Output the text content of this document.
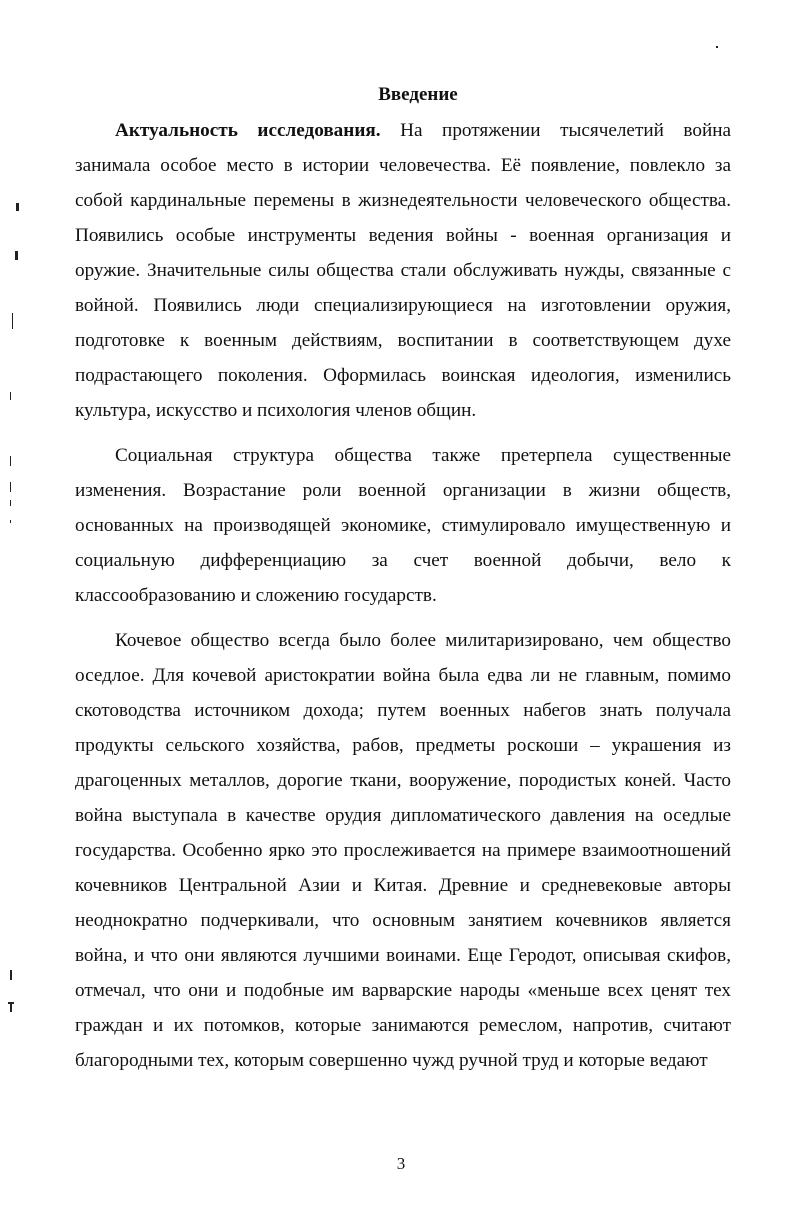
Введение

Актуальность исследования. На протяжении тысячелетий война занимала особое место в истории человечества. Её появление, повлекло за собой кардинальные перемены в жизнедеятельности человеческого общества. Появились особые инструменты ведения войны - военная организация и оружие. Значительные силы общества стали обслуживать нужды, связанные с войной. Появились люди специализирующиеся на изготовлении оружия, подготовке к военным действиям, воспитании в соответствующем духе подрастающего поколения. Оформилась воинская идеология, изменились культура, искусство и психология членов общин.

Социальная структура общества также претерпела существенные изменения. Возрастание роли военной организации в жизни обществ, основанных на производящей экономике, стимулировало имущественную и социальную дифференциацию за счет военной добычи, вело к классообразованию и сложению государств.

Кочевое общество всегда было более милитаризировано, чем общество оседлое. Для кочевой аристократии война была едва ли не главным, помимо скотоводства источником дохода; путем военных набегов знать получала продукты сельского хозяйства, рабов, предметы роскоши – украшения из драгоценных металлов, дорогие ткани, вооружение, породистых коней. Часто война выступала в качестве орудия дипломатического давления на оседлые государства. Особенно ярко это прослеживается на примере взаимоотношений кочевников Центральной Азии и Китая. Древние и средневековые авторы неоднократно подчеркивали, что основным занятием кочевников является война, и что они являются лучшими воинами. Еще Геродот, описывая скифов, отмечал, что они и подобные им варварские народы «меньше всех ценят тех граждан и их потомков, которые занимаются ремеслом, напротив, считают благородными тех, которым совершенно чужд ручной труд и которые ведают

3
